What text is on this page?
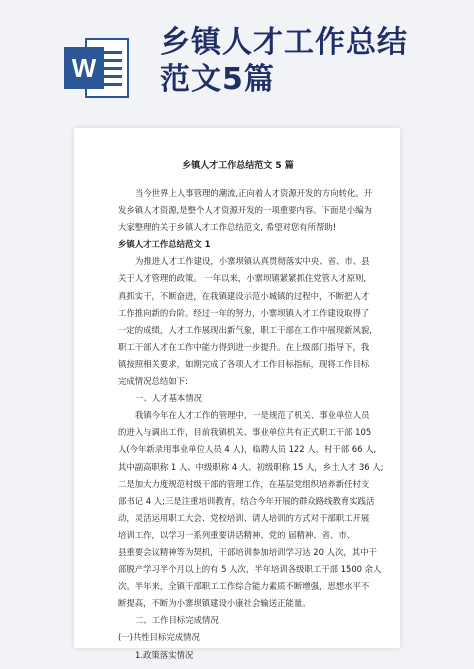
W
乡镇人才工作总结
范文5篇
乡镇人才工作总结范文 5 篇
当今世界上人事管理的潮流,正向着人才资源开发的方向转化。开
发乡镇人才资源,是整个人才资源开发的一项重要内容。下面是小编为
大家整理的关于乡镇人才工作总结范文, 希望对您有所帮助!
乡镇人才工作总结范文 1
为推进人才工作建设，小寨坝镇认真贯彻落实中央、省、市、县
关于人才管理的政策。 一年以来，小寨坝镇紧紧抓住党管人才原则,
真抓实干，不断奋进，在我镇建设示范小城镇的过程中，不断把人才
工作推向新的台阶。经过一年的努力，小寨坝镇人才工作建设取得了
一定的成绩，人才工作展现出新气象，职工干部在工作中展现新风貌,
职工干部人才在工作中能力得到进一步提升。在上级部门指导下，我
镇按照相关要求，如期完成了各项人才工作目标指标，现将工作目标
完成情况总结如下:
一、人才基本情况
我镇今年在人才工作的管理中，一是规范了机关、事业单位人员
的进入与调出工作，目前我镇机关、事业单位共有正式职工干部 105
人(今年新录用事业单位人员 4 人)，临聘人员 122 人，村干部 66 人,
其中副高职称 1 人、中级职称 4 人、初级职称 15 人，乡土人才 36 人;
二是加大力度规范村级干部的管理工作，在基层党组织培养新任村支
部书记 4 人;三是注重培训教育，结合今年开展的群众路线教育实践活
动，灵活运用职工大会、党校培训、请人培训的方式对干部职工开展
培训工作，以学习一系列重要讲话精神、党的 届精神、省、市、
县重要会议精神等为契机，干部培训参加培训学习达 20 人次，其中干
部脱产学习半个月以上的有 5 人次，半年培训各级职工干部 1500 余人
次。半年来，全镇干部职工工作综合能力素质不断增强，思想水平不
断提高，不断为小寨坝镇建设小康社会输送正能量。
二、工作目标完成情况
(一)共性目标完成情况
1.政策落实情况
